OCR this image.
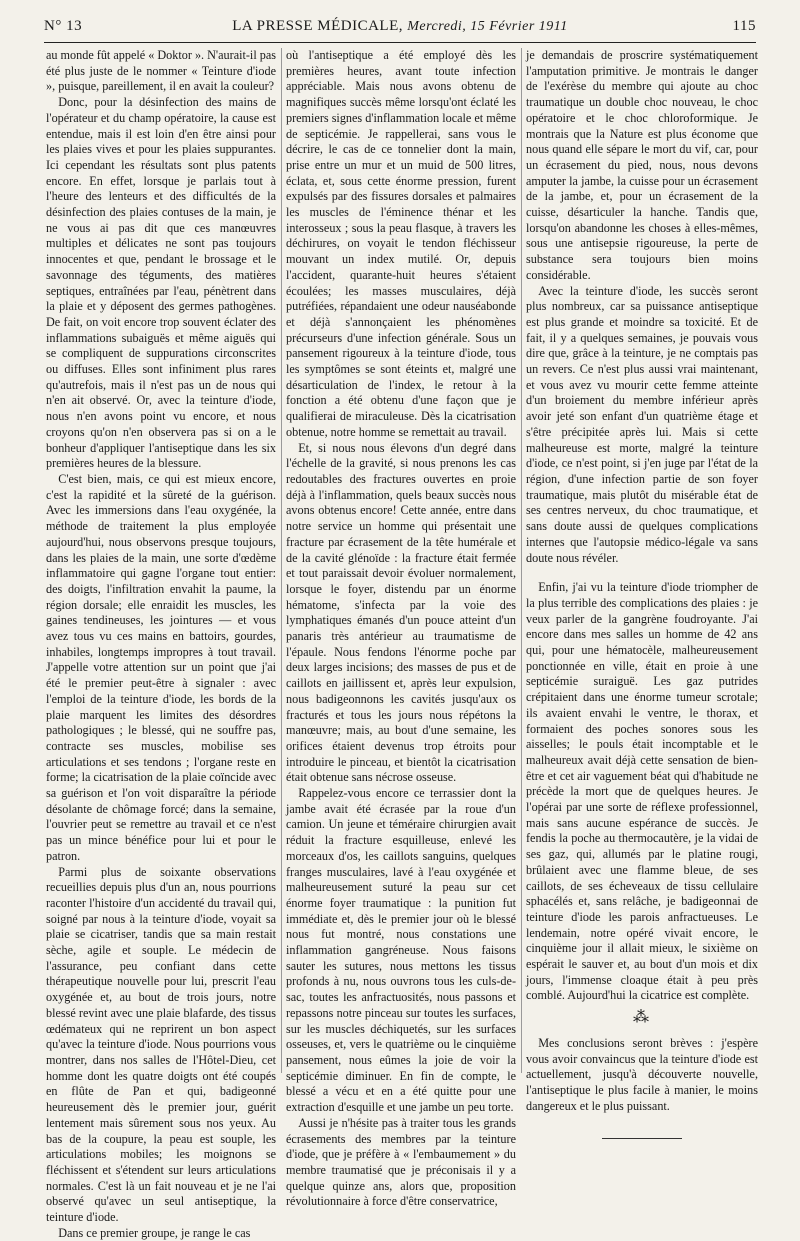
N° 13	LA PRESSE MÉDICALE, Mercredi, 15 Février 1911	115

au monde fût appelé « Doktor ». N'aurait-il pas été plus juste de le nommer « Teinture d'iode », puisque, pareillement, il en avait la couleur?

Donc, pour la désinfection des mains de l'opérateur et du champ opératoire, la cause est entendue, mais il est loin d'en être ainsi pour les plaies vives et pour les plaies suppurantes. Ici cependant les résultats sont plus patents encore. En effet, lorsque je parlais tout à l'heure des lenteurs et des difficultés de la désinfection des plaies contuses de la main, je ne vous ai pas dit que ces manœuvres multiples et délicates ne sont pas toujours innocentes et que, pendant le brossage et le savonnage des téguments, des matières septiques, entraînées par l'eau, pénètrent dans la plaie et y déposent des germes pathogènes. De fait, on voit encore trop souvent éclater des inflammations subaiguës et même aiguës qui se compliquent de suppurations circonscrites ou diffuses. Elles sont infiniment plus rares qu'autrefois, mais il n'est pas un de nous qui n'en ait observé. Or, avec la teinture d'iode, nous n'en avons point vu encore, et nous croyons qu'on n'en observera pas si on a le bonheur d'appliquer l'antiseptique dans les six premières heures de la blessure.

C'est bien, mais, ce qui est mieux encore, c'est la rapidité et la sûreté de la guérison. Avec les immersions dans l'eau oxygénée, la méthode de traitement la plus employée aujourd'hui, nous observons presque toujours, dans les plaies de la main, une sorte d'œdème inflammatoire qui gagne l'organe tout entier: des doigts, l'infiltration envahit la paume, la région dorsale; elle enraidit les muscles, les gaines tendineuses, les jointures — et vous avez tous vu ces mains en battoirs, gourdes, inhabiles, longtemps impropres à tout travail. J'appelle votre attention sur un point que j'ai été le premier peut-être à signaler : avec l'emploi de la teinture d'iode, les bords de la plaie marquent les limites des désordres pathologiques ; le blessé, qui ne souffre pas, contracte ses muscles, mobilise ses articulations et ses tendons ; l'organe reste en forme; la cicatrisation de la plaie coïncide avec sa guérison et l'on voit disparaître la période désolante de chômage forcé; dans la semaine, l'ouvrier peut se remettre au travail et ce n'est pas un mince bénéfice pour lui et pour le patron.

Parmi plus de soixante observations recueillies depuis plus d'un an, nous pourrions raconter l'histoire d'un accidenté du travail qui, soigné par nous à la teinture d'iode, voyait sa plaie se cicatriser, tandis que sa main restait sèche, agile et souple. Le médecin de l'assurance, peu confiant dans cette thérapeutique nouvelle pour lui, prescrit l'eau oxygénée et, au bout de trois jours, notre blessé revint avec une plaie blafarde, des tissus œdémateux qui ne reprirent un bon aspect qu'avec la teinture d'iode. Nous pourrions vous montrer, dans nos salles de l'Hôtel-Dieu, cet homme dont les quatre doigts ont été coupés en flûte de Pan et qui, badigeonné heureusement dès le premier jour, guérit lentement mais sûrement sous nos yeux. Au bas de la coupure, la peau est souple, les articulations mobiles; les moignons se fléchissent et s'étendent sur leurs articulations normales. C'est là un fait nouveau et je ne l'ai observé qu'avec un seul antiseptique, la teinture d'iode.

Dans ce premier groupe, je range le cas

où l'antiseptique a été employé dès les premières heures, avant toute infection appréciable. Mais nous avons obtenu de magnifiques succès même lorsqu'ont éclaté les premiers signes d'inflammation locale et même de septicémie. Je rappellerai, sans vous le décrire, le cas de ce tonnelier dont la main, prise entre un mur et un muid de 500 litres, éclata, et, sous cette énorme pression, furent expulsés par des fissures dorsales et palmaires les muscles de l'éminence thénar et les interosseux ; sous la peau flasque, à travers les déchirures, on voyait le tendon fléchisseur mouvant un index mutilé. Or, depuis l'accident, quarante-huit heures s'étaient écoulées; les masses musculaires, déjà putréfiées, répandaient une odeur nauséabonde et déjà s'annonçaient les phénomènes précurseurs d'une infection générale. Sous un pansement rigoureux à la teinture d'iode, tous les symptômes se sont éteints et, malgré une désarticulation de l'index, le retour à la fonction a été obtenu d'une façon que je qualifierai de miraculeuse. Dès la cicatrisation obtenue, notre homme se remettait au travail.

Et, si nous nous élevons d'un degré dans l'échelle de la gravité, si nous prenons les cas redoutables des fractures ouvertes en proie déjà à l'inflammation, quels beaux succès nous avons obtenus encore! Cette année, entre dans notre service un homme qui présentait une fracture par écrasement de la tête humérale et de la cavité glénoïde : la fracture était fermée et tout paraissait devoir évoluer normalement, lorsque le foyer, distendu par un énorme hématome, s'infecta par la voie des lymphatiques émanés d'un pouce atteint d'un panaris très antérieur au traumatisme de l'épaule. Nous fendons l'énorme poche par deux larges incisions; des masses de pus et de caillots en jaillissent et, après leur expulsion, nous badigeonnons les cavités jusqu'aux os fracturés et tous les jours nous répétons la manœuvre; mais, au bout d'une semaine, les orifices étaient devenus trop étroits pour introduire le pinceau, et bientôt la cicatrisation était obtenue sans nécrose osseuse.

Rappelez-vous encore ce terrassier dont la jambe avait été écrasée par la roue d'un camion. Un jeune et téméraire chirurgien avait réduit la fracture esquilleuse, enlevé les morceaux d'os, les caillots sanguins, quelques franges musculaires, lavé à l'eau oxygénée et malheureusement suturé la peau sur cet énorme foyer traumatique : la punition fut immédiate et, dès le premier jour où le blessé nous fut montré, nous constations une inflammation gangréneuse. Nous faisons sauter les sutures, nous mettons les tissus profonds à nu, nous ouvrons tous les culs-de-sac, toutes les anfractuosités, nous passons et repassons notre pinceau sur toutes les surfaces, sur les muscles déchiquetés, sur les surfaces osseuses, et, vers le quatrième ou le cinquième pansement, nous eûmes la joie de voir la septicémie diminuer. En fin de compte, le blessé a vécu et en a été quitte pour une extraction d'esquille et une jambe un peu torte.

Aussi je n'hésite pas à traiter tous les grands écrasements des membres par la teinture d'iode, que je préfère à « l'embaumement » du membre traumatisé que je préconisais il y a quelque quinze ans, alors que, proposition révolutionnaire à force d'être conservatrice,

je demandais de proscrire systématiquement l'amputation primitive. Je montrais le danger de l'exérèse du membre qui ajoute au choc traumatique un double choc nouveau, le choc opératoire et le choc chloroformique. Je montrais que la Nature est plus économe que nous quand elle sépare le mort du vif, car, pour un écrasement du pied, nous, nous devons amputer la jambe, la cuisse pour un écrasement de la jambe, et, pour un écrasement de la cuisse, désarticuler la hanche. Tandis que, lorsqu'on abandonne les choses à elles-mêmes, sous une antisepsie rigoureuse, la perte de substance sera toujours bien moins considérable.

Avec la teinture d'iode, les succès seront plus nombreux, car sa puissance antiseptique est plus grande et moindre sa toxicité. Et de fait, il y a quelques semaines, je pouvais vous dire que, grâce à la teinture, je ne comptais pas un revers. Ce n'est plus aussi vrai maintenant, et vous avez vu mourir cette femme atteinte d'un broiement du membre inférieur après avoir jeté son enfant d'un quatrième étage et s'être précipitée après lui. Mais si cette malheureuse est morte, malgré la teinture d'iode, ce n'est point, si j'en juge par l'état de la région, d'une infection partie de son foyer traumatique, mais plutôt du misérable état de ses centres nerveux, du choc traumatique, et sans doute aussi de quelques complications internes que l'autopsie médico-légale va sans doute nous révéler.

Enfin, j'ai vu la teinture d'iode triompher de la plus terrible des complications des plaies : je veux parler de la gangrène foudroyante. J'ai encore dans mes salles un homme de 42 ans qui, pour une hématocèle, malheureusement ponctionnée en ville, était en proie à une septicémie suraiguë. Les gaz putrides crépitaient dans une énorme tumeur scrotale; ils avaient envahi le ventre, le thorax, et formaient des poches sonores sous les aisselles; le pouls était incomptable et le malheureux avait déjà cette sensation de bien-être et cet air vaguement béat qui d'habitude ne précède la mort que de quelques heures. Je l'opérai par une sorte de réflexe professionnel, mais sans aucune espérance de succès. Je fendis la poche au thermocautère, je la vidai de ses gaz, qui, allumés par le platine rougi, brûlaient avec une flamme bleue, de ses caillots, de ses écheveaux de tissu cellulaire sphacélés et, sans relâche, je badigeonnai de teinture d'iode les parois anfractueuses. Le lendemain, notre opéré vivait encore, le cinquième jour il allait mieux, le sixième on espérait le sauver et, au bout d'un mois et dix jours, l'immense cloaque était à peu près comblé. Aujourd'hui la cicatrice est complète.

⁂

Mes conclusions seront brèves : j'espère vous avoir convaincus que la teinture d'iode est actuellement, jusqu'à découverte nouvelle, l'antiseptique le plus facile à manier, le moins dangereux et le plus puissant.
